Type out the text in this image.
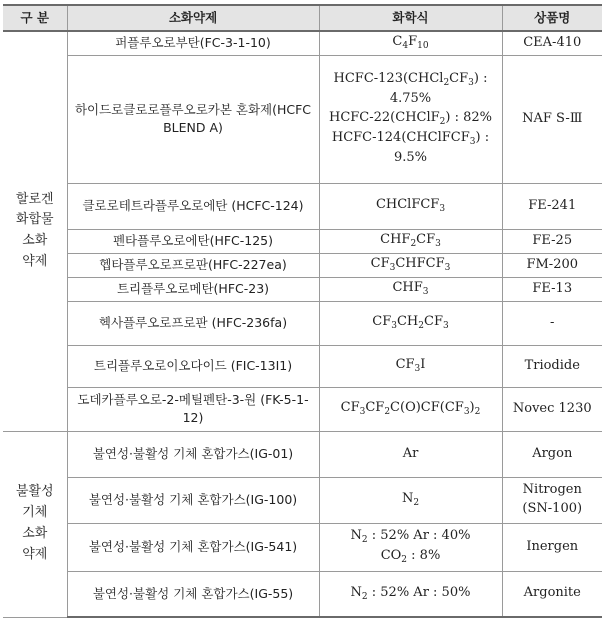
구 분	소화약제	화학식	상품명

할로겐
화합물
소화
약제	퍼플루오로부탄(FC-3-1-10)	$C_4F_{10}$	CEA-410
	하이드로클로로플루오로카본 혼화제(HCFC BLEND A)	HCFC-$123(CHCl_2CF_3)$ :
4.75%
HCFC-22(CHClF$_2$) : 82%
HCFC-124(CHClFCF$_3$) :
9.5%	NAF S-Ⅲ
	클로로테트라플루오로에탄 (HCFC-124)	CHClFCF$_3$	FE-241
	펜타플루오로에탄(HFC-125)	$CHF_2CF_3$	FE-25
	헵타플루오로프로판(HFC-227ea)	$CF_3CHFCF_3$	FM-200
	트리플루오로메탄(HFC-23)	$CHF_3$	FE-13
	헥사플루오로프로판 (HFC-236fa)	$CF_3CH_2CF_3$	-
	트리플루오로이오다이드 (FIC-13I1)	$CF_3I$	Triodide
	도데카플루오로-2-메틸펜탄-3-원 (FK-5-1-12)	$CF_3CF_2C(O)CF(CF_3)_2$	Novec 1230

불활성
기체
소화
약제	불연성·불활성 기체 혼합가스(IG-01)	Ar	Argon
	불연성·불활성 기체 혼합가스(IG-100)	$N_2$	Nitrogen (SN-100)
	불연성·불활성 기체 혼합가스(IG-541)	$N_2$ : 52% Ar : 40%
$CO_2$ : 8%	Inergen
	불연성·불활성 기체 혼합가스(IG-55)	$N_2$ : 52% Ar : 50%	Argonite
